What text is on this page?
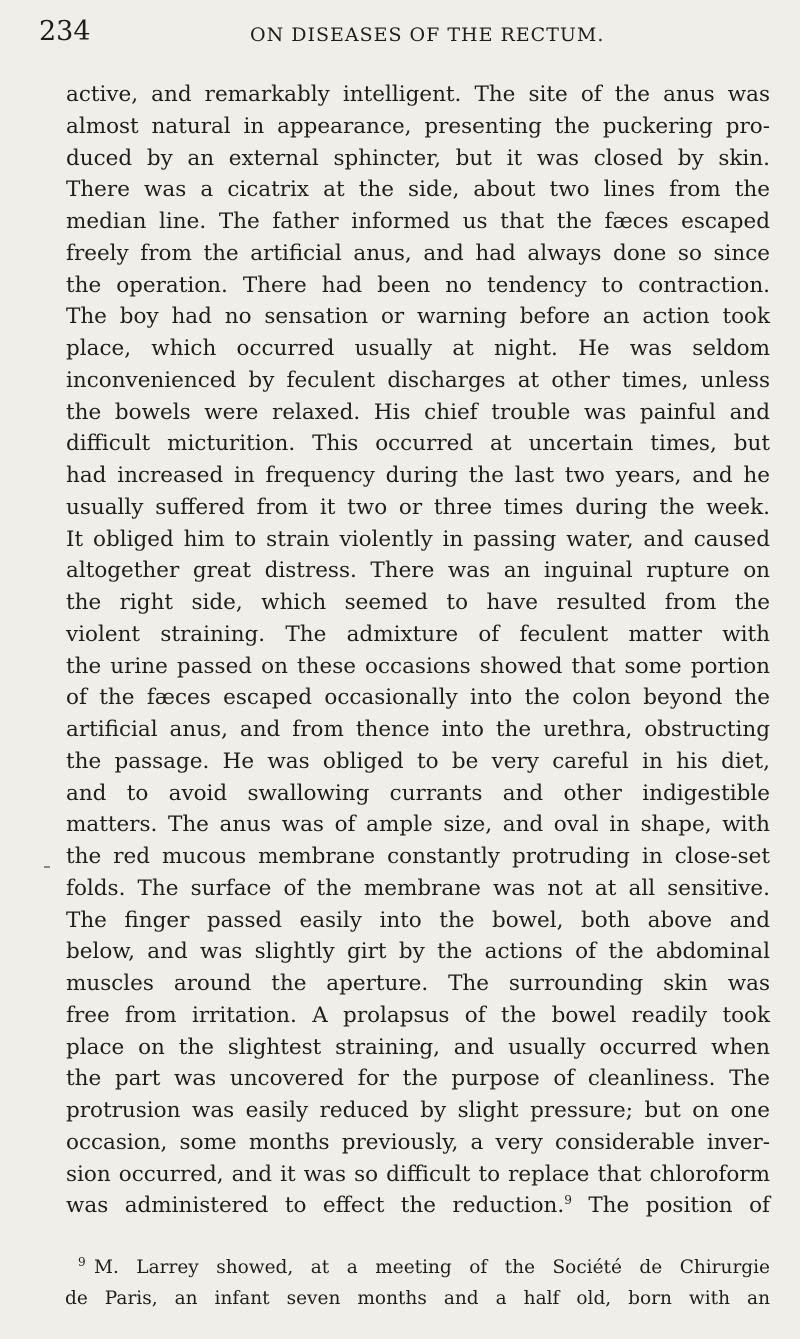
234	ON DISEASES OF THE RECTUM.
active, and remarkably intelligent. The site of the anus was
almost natural in appearance, presenting the puckering pro-
duced by an external sphincter, but it was closed by skin.
There was a cicatrix at the side, about two lines from the
median line. The father informed us that the fæces escaped
freely from the artificial anus, and had always done so since
the operation. There had been no tendency to contraction.
The boy had no sensation or warning before an action took
place, which occurred usually at night. He was seldom
inconvenienced by feculent discharges at other times, unless
the bowels were relaxed. His chief trouble was painful and
difficult micturition. This occurred at uncertain times, but
had increased in frequency during the last two years, and he
usually suffered from it two or three times during the week.
It obliged him to strain violently in passing water, and caused
altogether great distress. There was an inguinal rupture on
the right side, which seemed to have resulted from the
violent straining. The admixture of feculent matter with
the urine passed on these occasions showed that some portion
of the fæces escaped occasionally into the colon beyond the
artificial anus, and from thence into the urethra, obstructing
the passage. He was obliged to be very careful in his diet,
and to avoid swallowing currants and other indigestible
matters. The anus was of ample size, and oval in shape, with
the red mucous membrane constantly protruding in close-set
folds. The surface of the membrane was not at all sensitive.
The finger passed easily into the bowel, both above and
below, and was slightly girt by the actions of the abdominal
muscles around the aperture. The surrounding skin was
free from irritation. A prolapsus of the bowel readily took
place on the slightest straining, and usually occurred when
the part was uncovered for the purpose of cleanliness. The
protrusion was easily reduced by slight pressure; but on one
occasion, some months previously, a very considerable inver-
sion occurred, and it was so difficult to replace that chloroform
was administered to effect the reduction.$^9$ The position of
9 M. Larrey showed, at a meeting of the Société de Chirurgie
de Paris, an infant seven months and a half old, born with an
